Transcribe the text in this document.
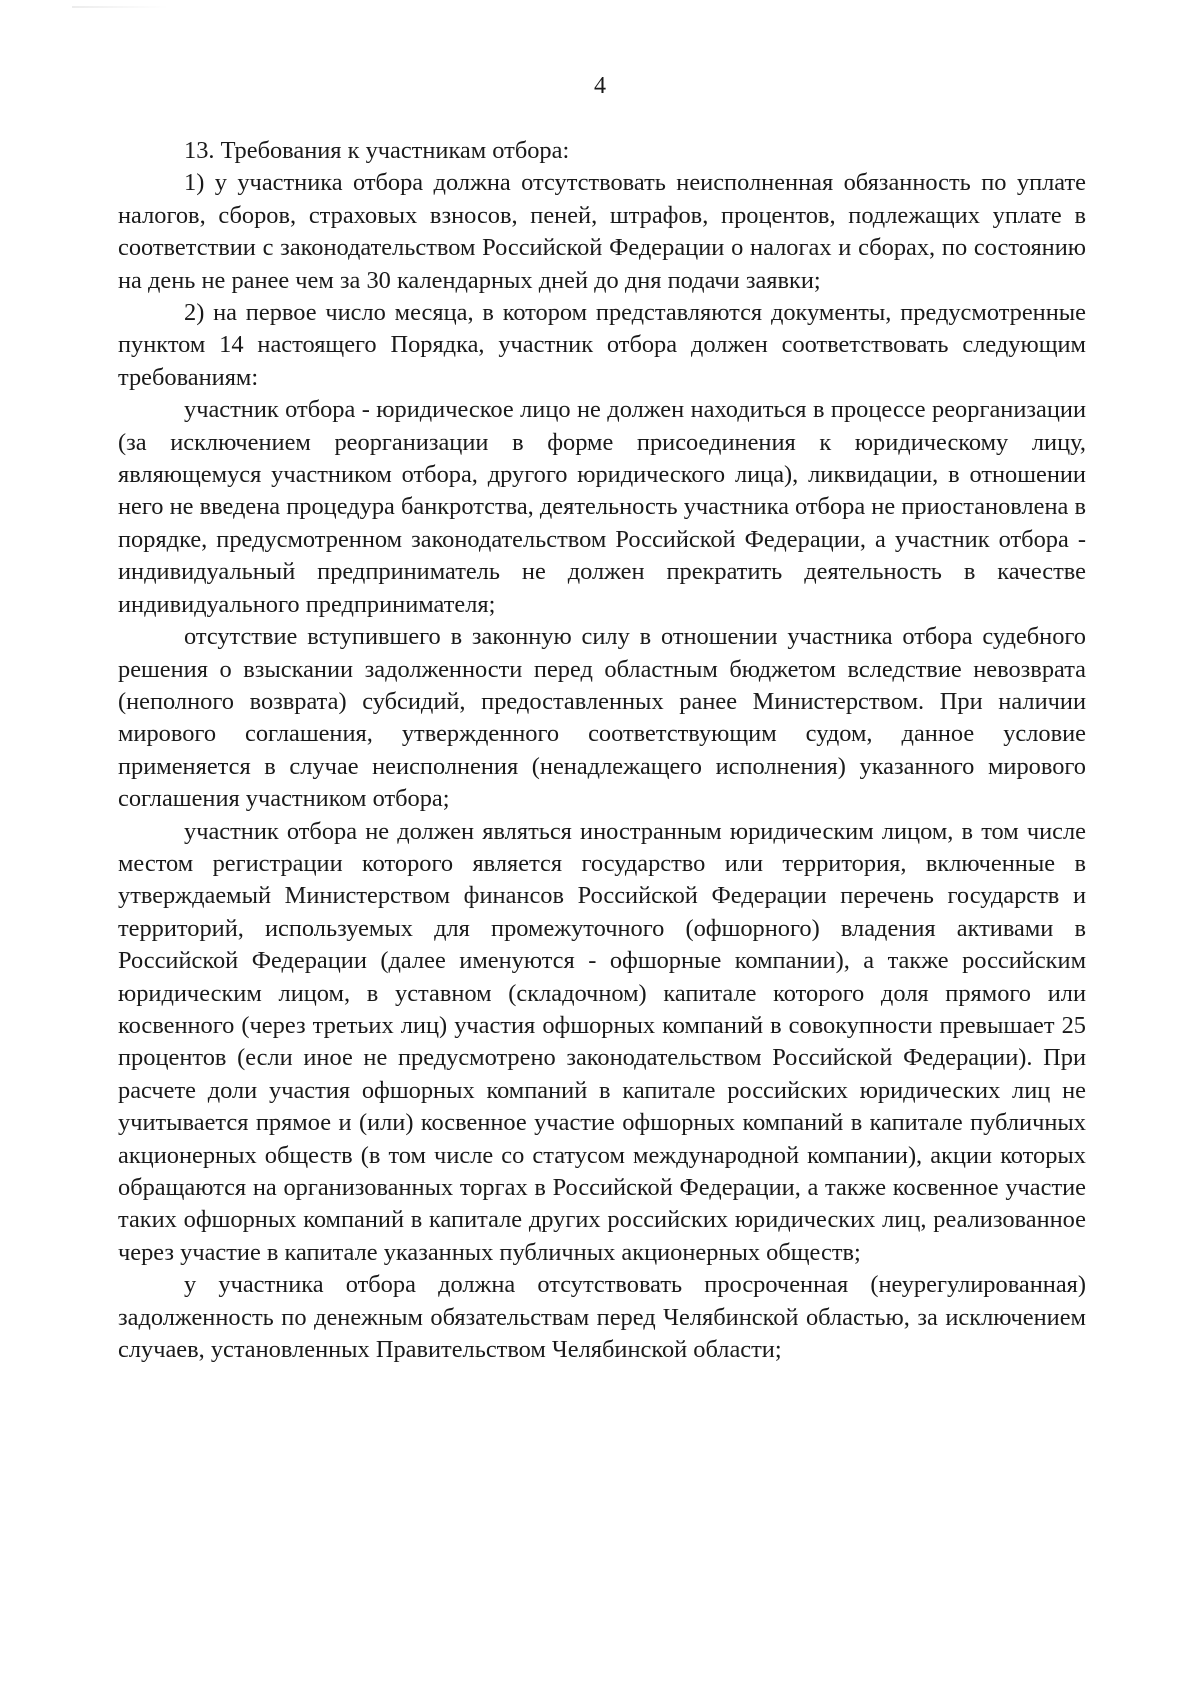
4

13. Требования к участникам отбора:

1) у участника отбора должна отсутствовать неисполненная обязанность по уплате налогов, сборов, страховых взносов, пеней, штрафов, процентов, подлежащих уплате в соответствии с законодательством Российской Федерации о налогах и сборах, по состоянию на день не ранее чем за 30 календарных дней до дня подачи заявки;

2) на первое число месяца, в котором представляются документы, предусмотренные пунктом 14 настоящего Порядка, участник отбора должен соответствовать следующим требованиям:

участник отбора - юридическое лицо не должен находиться в процессе реорганизации (за исключением реорганизации в форме присоединения к юридическому лицу, являющемуся участником отбора, другого юридического лица), ликвидации, в отношении него не введена процедура банкротства, деятельность участника отбора не приостановлена в порядке, предусмотренном законодательством Российской Федерации, а участник отбора - индивидуальный предприниматель не должен прекратить деятельность в качестве индивидуального предпринимателя;

отсутствие вступившего в законную силу в отношении участника отбора судебного решения о взыскании задолженности перед областным бюджетом вследствие невозврата (неполного возврата) субсидий, предоставленных ранее Министерством. При наличии мирового соглашения, утвержденного соответствующим судом, данное условие применяется в случае неисполнения (ненадлежащего исполнения) указанного мирового соглашения участником отбора;

участник отбора не должен являться иностранным юридическим лицом, в том числе местом регистрации которого является государство или территория, включенные в утверждаемый Министерством финансов Российской Федерации перечень государств и территорий, используемых для промежуточного (офшорного) владения активами в Российской Федерации (далее именуются - офшорные компании), а также российским юридическим лицом, в уставном (складочном) капитале которого доля прямого или косвенного (через третьих лиц) участия офшорных компаний в совокупности превышает 25 процентов (если иное не предусмотрено законодательством Российской Федерации). При расчете доли участия офшорных компаний в капитале российских юридических лиц не учитывается прямое и (или) косвенное участие офшорных компаний в капитале публичных акционерных обществ (в том числе со статусом международной компании), акции которых обращаются на организованных торгах в Российской Федерации, а также косвенное участие таких офшорных компаний в капитале других российских юридических лиц, реализованное через участие в капитале указанных публичных акционерных обществ;

у участника отбора должна отсутствовать просроченная (неурегулированная) задолженность по денежным обязательствам перед Челябинской областью, за исключением случаев, установленных Правительством Челябинской области;
